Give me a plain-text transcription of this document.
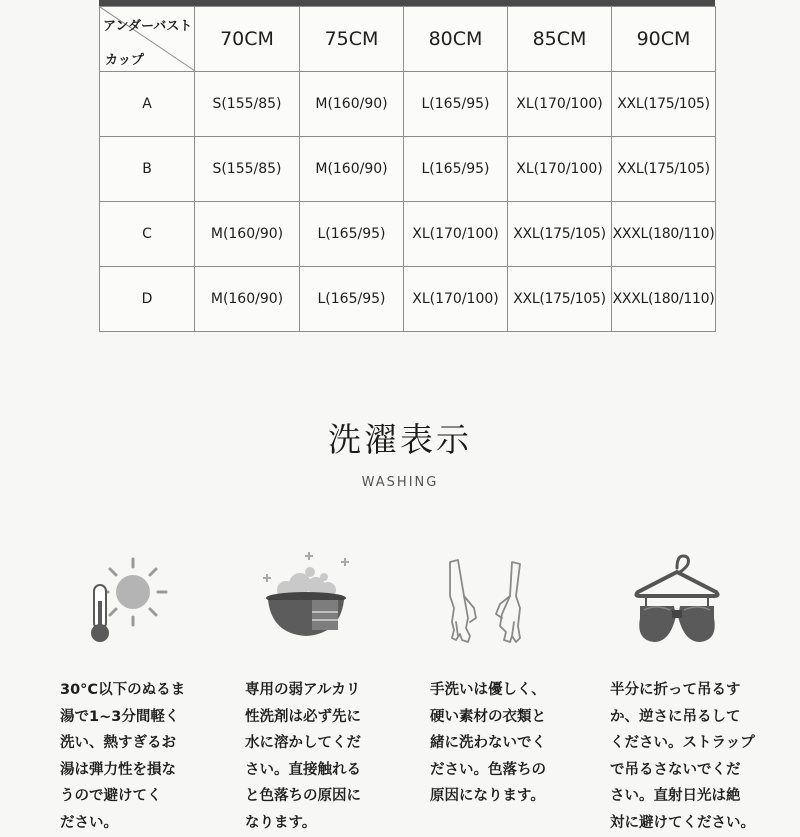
アンダーバスト
カップ	70CM	75CM	80CM	85CM	90CM
A	S(155/85)	M(160/90)	L(165/95)	XL(170/100)	XXL(175/105)
B	S(155/85)	M(160/90)	L(165/95)	XL(170/100)	XXL(175/105)
C	M(160/90)	L(165/95)	XL(170/100)	XXL(175/105)	XXXL(180/110)
D	M(160/90)	L(165/95)	XL(170/100)	XXL(175/105)	XXXL(180/110)
洗濯表示
WASHING
30°C以下のぬるま
湯で1~3分間軽く
洗い、熱すぎるお
湯は弾力性を損な
うので避けてく
ださい。
専用の弱アルカリ
性洗剤は必ず先に
水に溶かしてくだ
さい。直接触れる
と色落ちの原因に
なります。
手洗いは優しく、
硬い素材の衣類と
緒に洗わないでく
ださい。色落ちの
原因になります。
半分に折って吊るす
か、逆さに吊るして
ください。ストラップ
で吊るさないでくだ
さい。直射日光は絶
対に避けてください。
